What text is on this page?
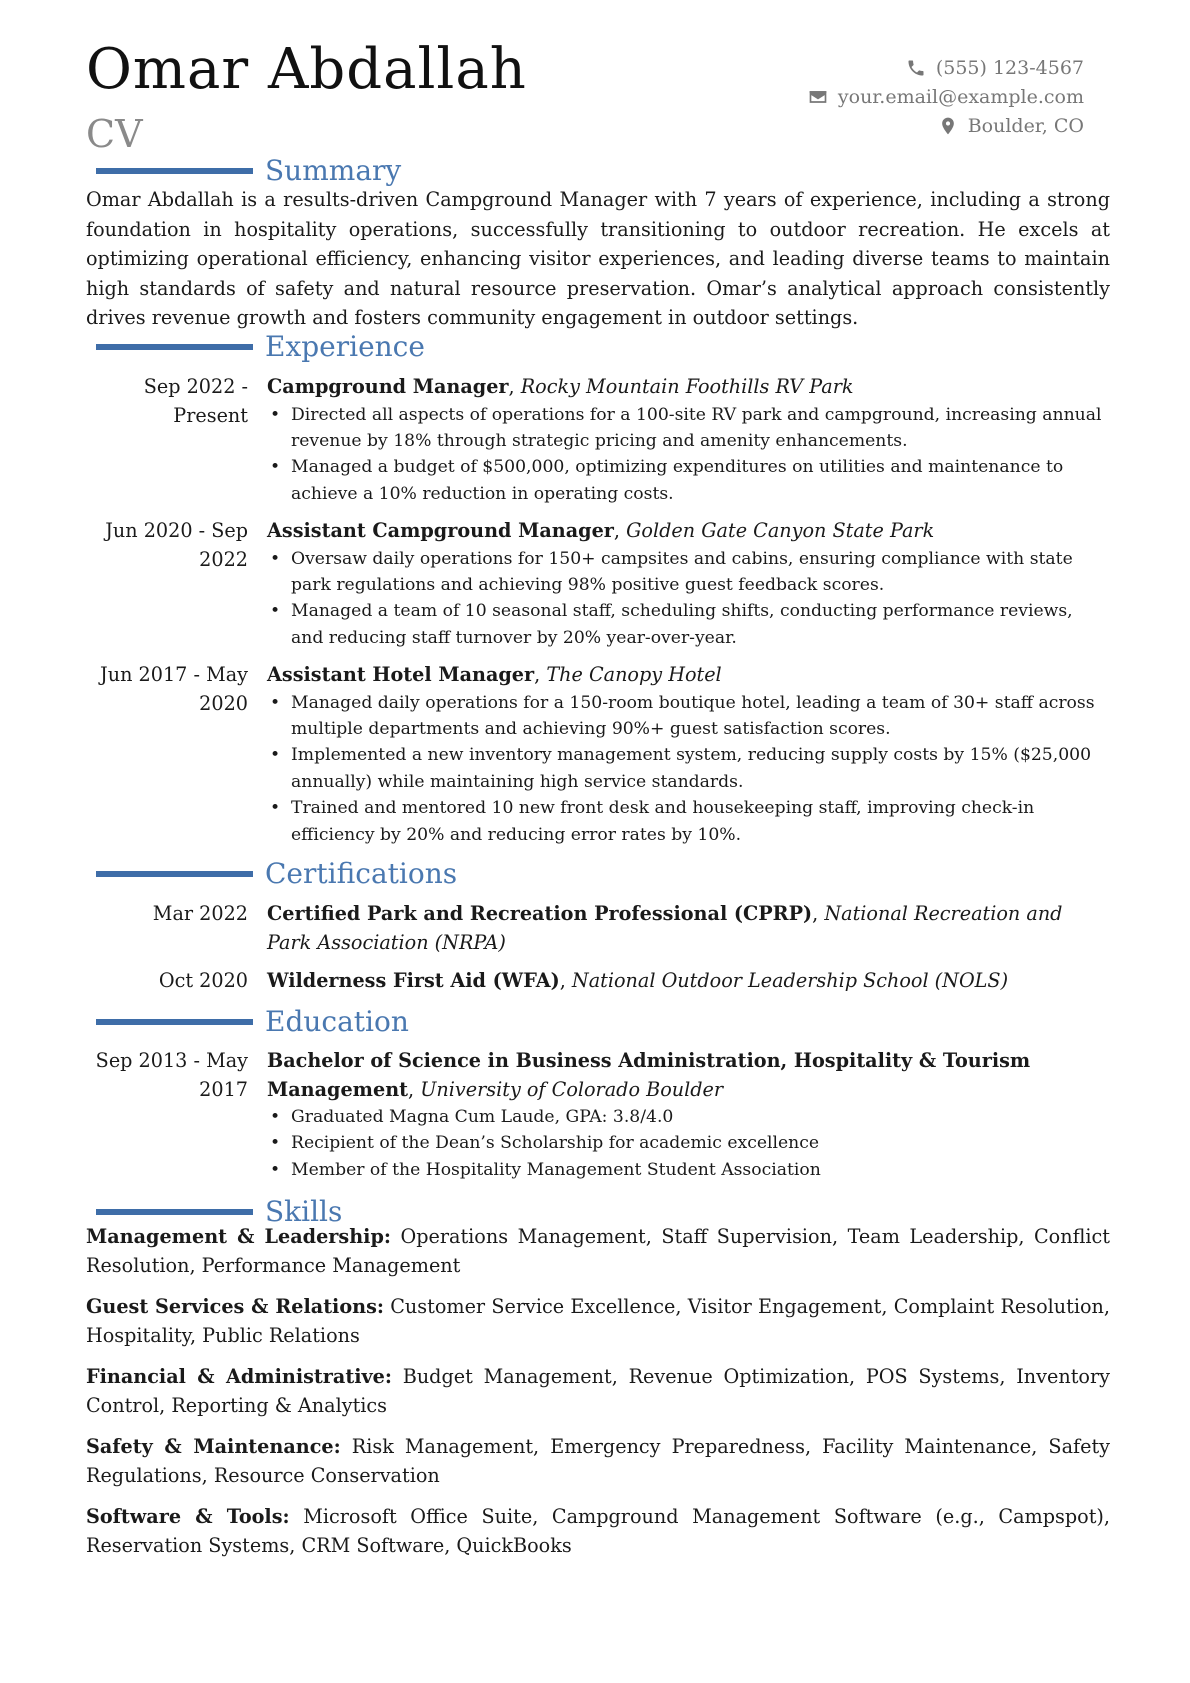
Omar Abdallah
CV
(555) 123-4567
your.email@example.com
Boulder, CO
Summary
Omar Abdallah is a results-driven Campground Manager with 7 years of experience, including a strong foundation in hospitality operations, successfully transitioning to outdoor recreation. He excels at optimizing operational efficiency, enhancing visitor experiences, and leading diverse teams to maintain high standards of safety and natural resource preservation. Omar’s analytical approach consistently drives revenue growth and fosters community engagement in outdoor settings.
Experience
Sep 2022 - Present
Campground Manager, Rocky Mountain Foothills RV Park
• Directed all aspects of operations for a 100-site RV park and campground, increasing annual revenue by 18% through strategic pricing and amenity enhancements.
• Managed a budget of $500,000, optimizing expenditures on utilities and maintenance to achieve a 10% reduction in operating costs.
Jun 2020 - Sep 2022
Assistant Campground Manager, Golden Gate Canyon State Park
• Oversaw daily operations for 150+ campsites and cabins, ensuring compliance with state park regulations and achieving 98% positive guest feedback scores.
• Managed a team of 10 seasonal staff, scheduling shifts, conducting performance reviews, and reducing staff turnover by 20% year-over-year.
Jun 2017 - May 2020
Assistant Hotel Manager, The Canopy Hotel
• Managed daily operations for a 150-room boutique hotel, leading a team of 30+ staff across multiple departments and achieving 90%+ guest satisfaction scores.
• Implemented a new inventory management system, reducing supply costs by 15% ($25,000 annually) while maintaining high service standards.
• Trained and mentored 10 new front desk and housekeeping staff, improving check-in efficiency by 20% and reducing error rates by 10%.
Certifications
Mar 2022 Certified Park and Recreation Professional (CPRP), National Recreation and Park Association (NRPA)
Oct 2020 Wilderness First Aid (WFA), National Outdoor Leadership School (NOLS)
Education
Sep 2013 - May 2017
Bachelor of Science in Business Administration, Hospitality & Tourism Management, University of Colorado Boulder
• Graduated Magna Cum Laude, GPA: 3.8/4.0
• Recipient of the Dean’s Scholarship for academic excellence
• Member of the Hospitality Management Student Association
Skills
Management & Leadership: Operations Management, Staff Supervision, Team Leadership, Conflict Resolution, Performance Management
Guest Services & Relations: Customer Service Excellence, Visitor Engagement, Complaint Resolution, Hospitality, Public Relations
Financial & Administrative: Budget Management, Revenue Optimization, POS Systems, Inventory Control, Reporting & Analytics
Safety & Maintenance: Risk Management, Emergency Preparedness, Facility Maintenance, Safety Regulations, Resource Conservation
Software & Tools: Microsoft Office Suite, Campground Management Software (e.g., Campspot), Reservation Systems, CRM Software, QuickBooks
